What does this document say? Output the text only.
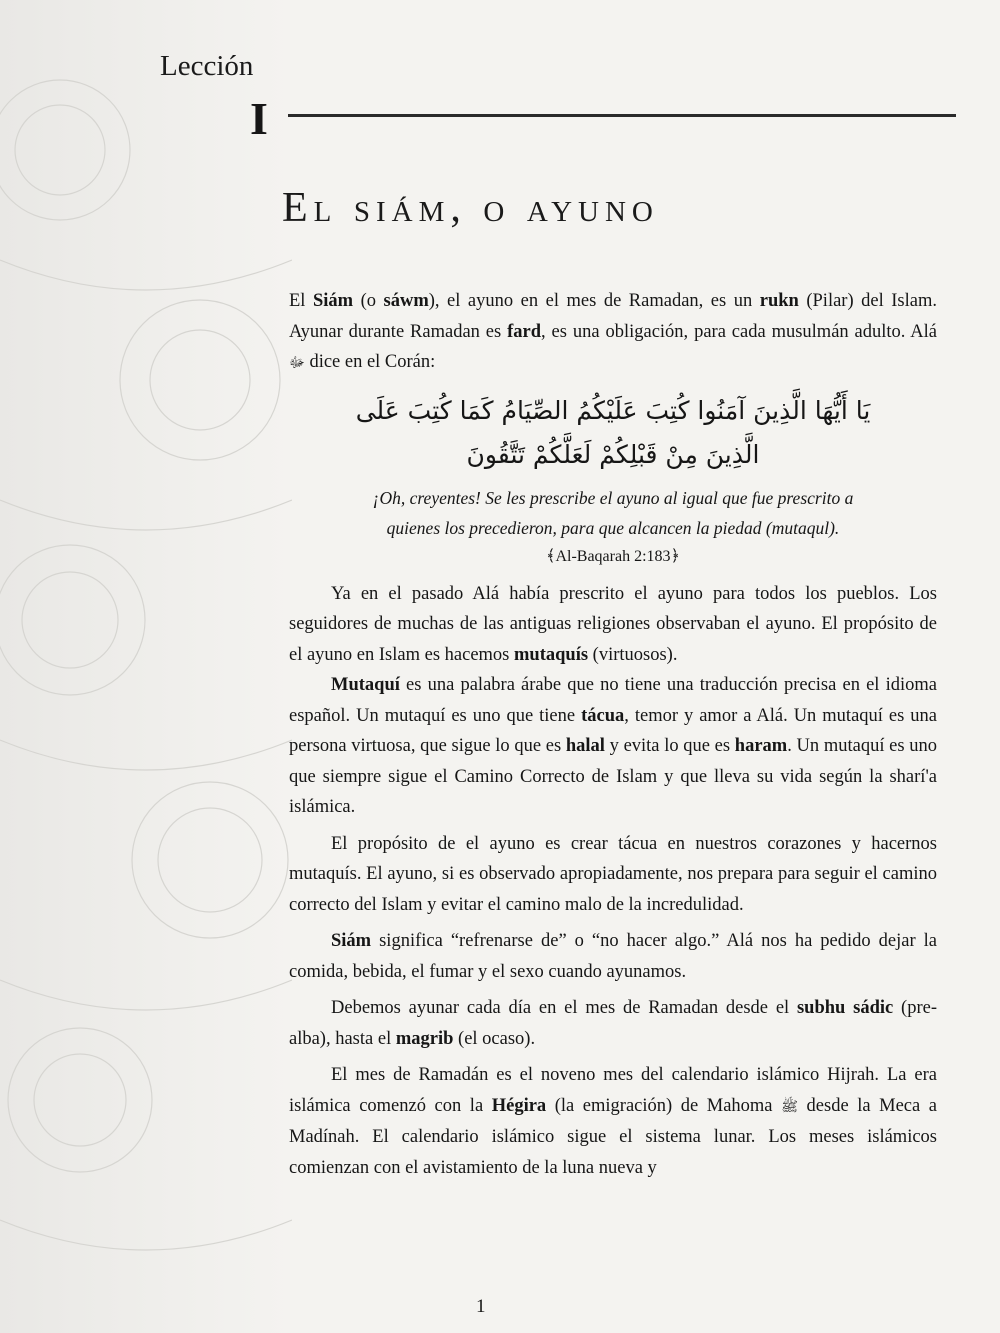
Lección
I
El siám, o ayuno

El Siám (o sáwm), el ayuno en el mes de Ramadan, es un rukn (Pilar) del Islam. Ayunar durante Ramadan es fard, es una obligación, para cada musulmán adulto. Alá ﷻ dice en el Corán:

يَا أَيُّهَا الَّذِينَ آمَنُوا كُتِبَ عَلَيْكُمُ الصِّيَامُ كَمَا كُتِبَ عَلَى
الَّذِينَ مِنْ قَبْلِكُمْ لَعَلَّكُمْ تَتَّقُونَ
¡Oh, creyentes! Se les prescribe el ayuno al igual que fue prescrito a
quienes los precedieron, para que alcancen la piedad (mutaqul).
﴾Al-Baqarah 2:183﴿

Ya en el pasado Alá había prescrito el ayuno para todos los pueblos. Los seguidores de muchas de las antiguas religiones observaban el ayuno. El propósito de el ayuno en Islam es hacemos mutaquís (virtuosos).

Mutaquí es una palabra árabe que no tiene una traducción precisa en el idioma español. Un mutaquí es uno que tiene tácua, temor y amor a Alá. Un mutaquí es una persona virtuosa, que sigue lo que es halal y evita lo que es haram. Un mutaquí es uno que siempre sigue el Camino Correcto de Islam y que lleva su vida según la sharí'a islámica.

El propósito de el ayuno es crear tácua en nuestros corazones y hacernos mutaquís. El ayuno, si es observado apropiadamente, nos prepara para seguir el camino correcto del Islam y evitar el camino malo de la incredulidad.

Siám significa “refrenarse de” o “no hacer algo.” Alá nos ha pedido dejar la comida, bebida, el fumar y el sexo cuando ayunamos.

Debemos ayunar cada día en el mes de Ramadan desde el subhu sádic (pre-alba), hasta el magrib (el ocaso).

El mes de Ramadán es el noveno mes del calendario islámico Hijrah. La era islámica comenzó con la Hégira (la emigración) de Mahoma ﷺ desde la Meca a Madínah. El calendario islámico sigue el sistema lunar. Los meses islámicos comienzan con el avistamiento de la luna nueva y

1
